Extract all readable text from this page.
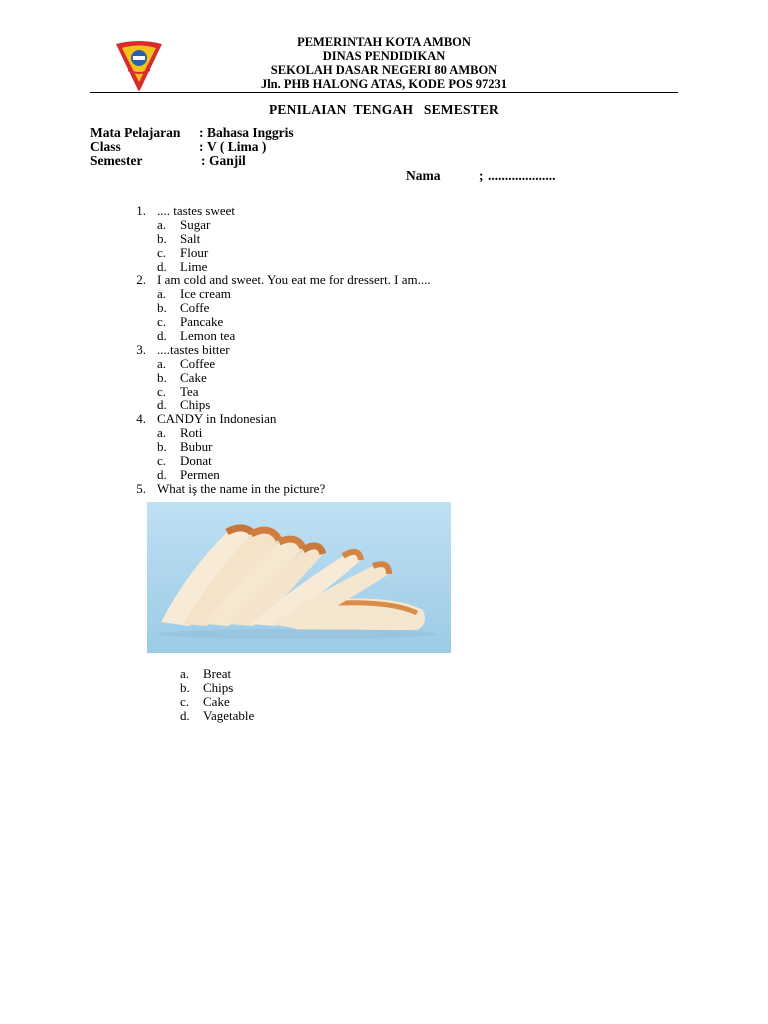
PEMERINTAH KOTA AMBON
DINAS PENDIDIKAN
SEKOLAH DASAR NEGERI 80 AMBON
Jln. PHB HALONG ATAS, KODE POS 97231
PENILAIAN  TENGAH   SEMESTER
Mata Pelajaran : Bahasa Inggris
Class	: V ( Lima )
Semester	: Ganjil
Nama	; ....................
1. .... tastes sweet
a. Sugar
b. Salt
c. Flour
d. Lime
2. I am cold and sweet. You eat me for dressert. I am....
a. Ice cream
b. Coffe
c. Pancake
d. Lemon tea
3. ....tastes bitter
a. Coffee
b. Cake
c. Tea
d. Chips
4. CANDY in Indonesian
a. Roti
b. Bubur
c. Donat
d. Permen
5. What iş the name in the picture?
a. Breat
b. Chips
c. Cake
d. Vagetable
